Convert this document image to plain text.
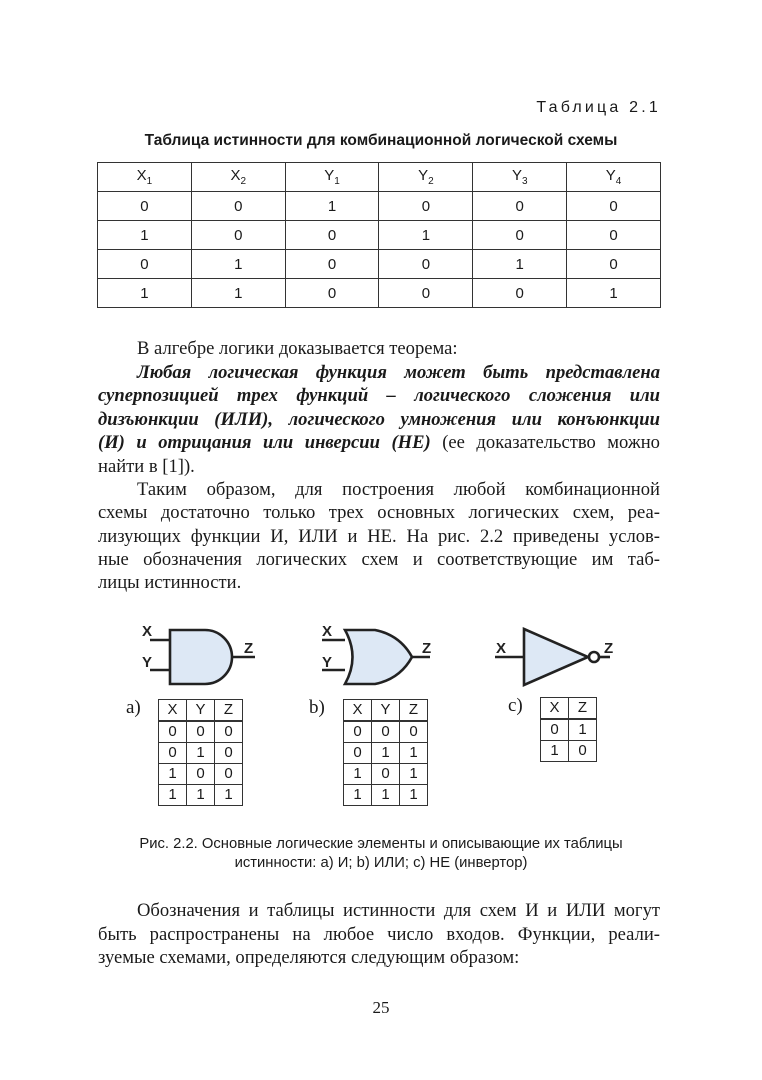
Таблица 2.1
Таблица истинности для комбинационной логической схемы
$X_1$	$X_2$	$Y_1$	$Y_2$	$Y_3$	$Y_4$
0	0	1	0	0	0
1	0	0	1	0	0
0	1	0	0	1	0
1	1	0	0	0	1
В алгебре логики доказывается теорема:
Любая логическая функция может быть представлена
суперпозицией трех функций – логического сложения или
дизъюнкции (ИЛИ), логического умножения или конъюнкции
(И) и отрицания или инверсии (НЕ) (ее доказательство можно
найти в [1]).
Таким образом, для построения любой комбинационной
схемы достаточно только трех основных логических схем, реа-
лизующих функции И, ИЛИ и НЕ. На рис. 2.2 приведены услов-
ные обозначения логических схем и соответствующие им таб-
лицы истинности.
X
Y
Z
X
Y
Z	X	Z
a) X	Y	Z
0	0	0
0	1	0
1	0	0
1	1	1
b) X	Y	Z
0	0	0
0	1	1
1	0	1
1	1	1
c) X	Z
0	1
1	0
Рис. 2.2. Основные логические элементы и описывающие их таблицы
истинности: а) И; b) ИЛИ; с) НЕ (инвертор)
Обозначения и таблицы истинности для схем И и ИЛИ могут
быть распространены на любое число входов. Функции, реали-
зуемые схемами, определяются следующим образом:
25
